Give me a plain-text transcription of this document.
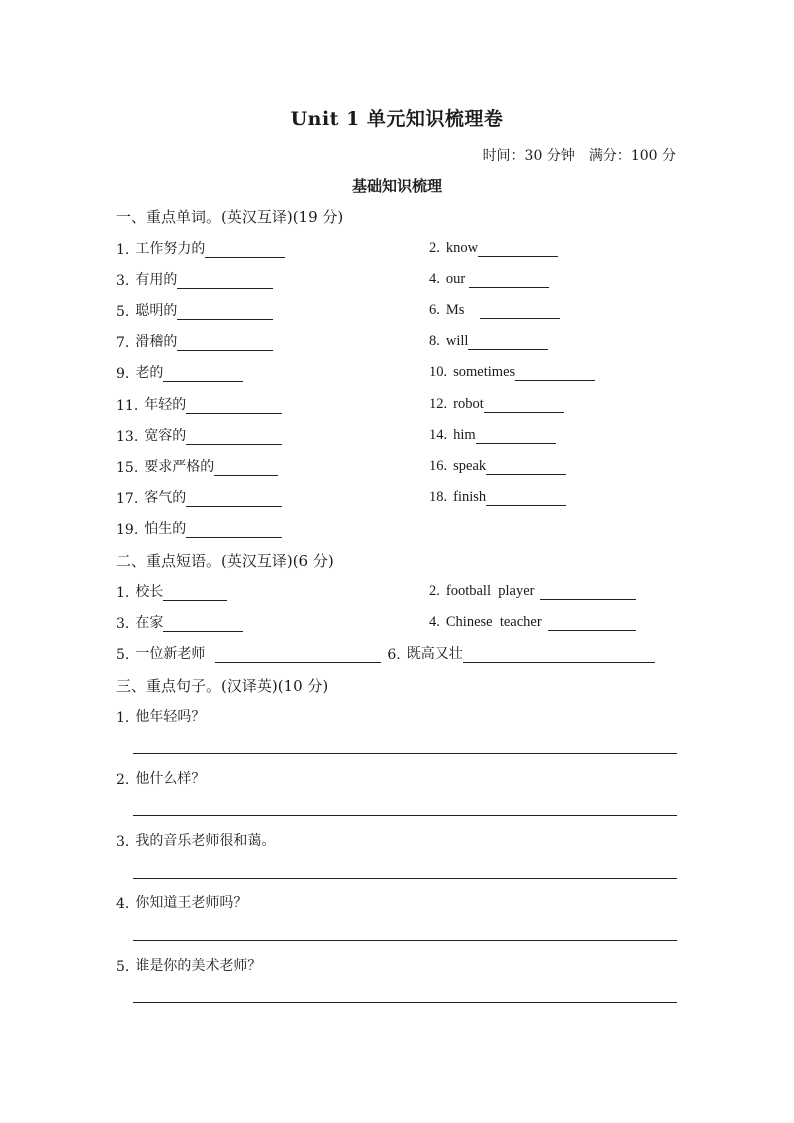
Unit 1 单元知识梳理卷
时间：30 分钟 满分：100 分
基础知识梳理
一、重点单词。(英汉互译)(19 分)
1. 工作努力的	2. know
3. 有用的	4. our
5. 聪明的	6. Ms
7. 滑稽的	8. will
9. 老的	10. sometimes
11. 年轻的	12. robot
13. 宽容的	14. him
15. 要求严格的	16. speak
17. 客气的	18. finish
19. 怕生的
二、重点短语。(英汉互译)(6 分)
1. 校长	2. football  player
3. 在家	4. Chinese  teacher
5. 一位新老师	6. 既高又壮
三、重点句子。(汉译英)(10 分)
1. 他年轻吗？
2. 他什么样？
3. 我的音乐老师很和蔼。
4. 你知道王老师吗？
5. 谁是你的美术老师？
